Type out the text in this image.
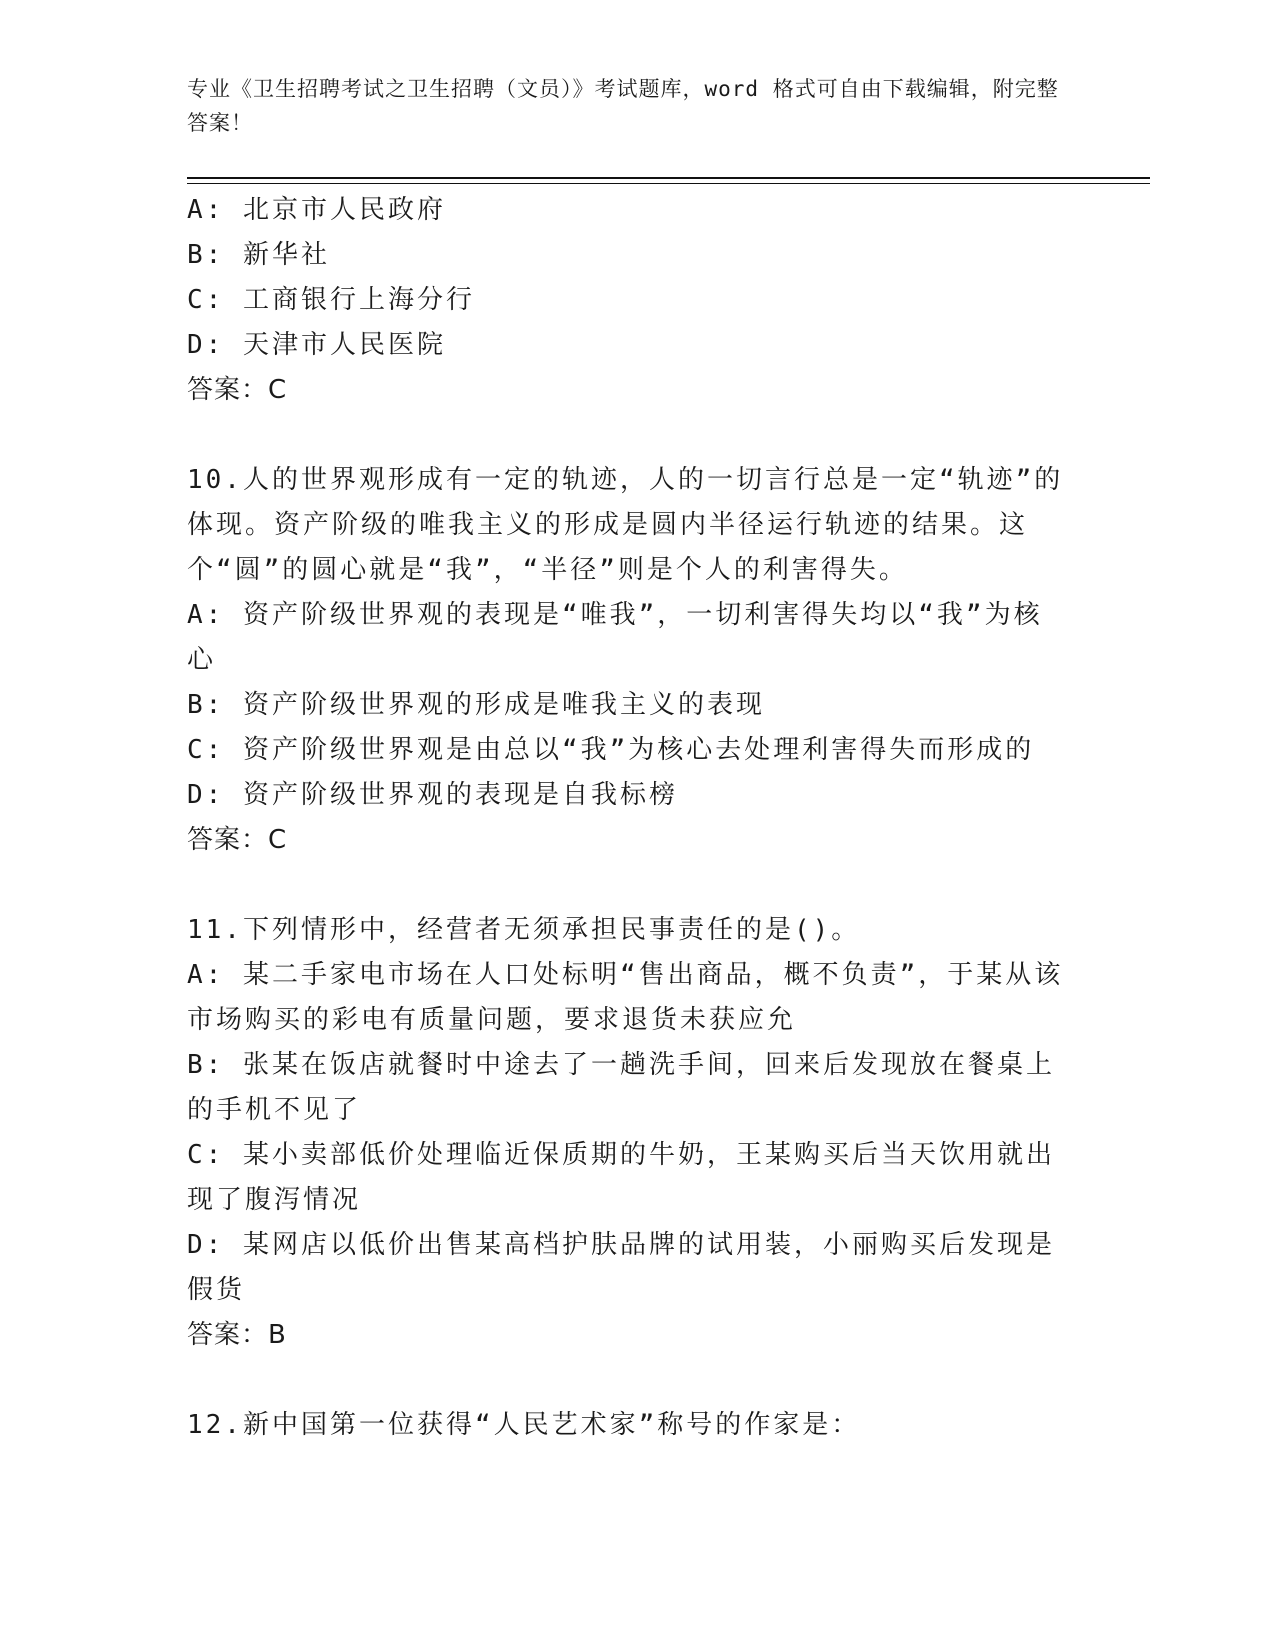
专业《卫生招聘考试之卫生招聘（文员）》考试题库，word 格式可自由下载编辑，附完整答案！
A: 北京市人民政府
B: 新华社
C: 工商银行上海分行
D: 天津市人民医院
答案：C
10.人的世界观形成有一定的轨迹，人的一切言行总是一定“轨迹”的体现。资产阶级的唯我主义的形成是圆内半径运行轨迹的结果。这个“圆”的圆心就是“我”，“半径”则是个人的利害得失。
A: 资产阶级世界观的表现是“唯我”，一切利害得失均以“我”为核心
B: 资产阶级世界观的形成是唯我主义的表现
C: 资产阶级世界观是由总以“我”为核心去处理利害得失而形成的
D: 资产阶级世界观的表现是自我标榜
答案：C
11.下列情形中，经营者无须承担民事责任的是()。
A: 某二手家电市场在人口处标明“售出商品，概不负责”，于某从该市场购买的彩电有质量问题，要求退货未获应允
B: 张某在饭店就餐时中途去了一趟洗手间，回来后发现放在餐桌上的手机不见了
C: 某小卖部低价处理临近保质期的牛奶，王某购买后当天饮用就出现了腹泻情况
D: 某网店以低价出售某高档护肤品牌的试用装，小丽购买后发现是假货
答案：B
12.新中国第一位获得“人民艺术家”称号的作家是：
